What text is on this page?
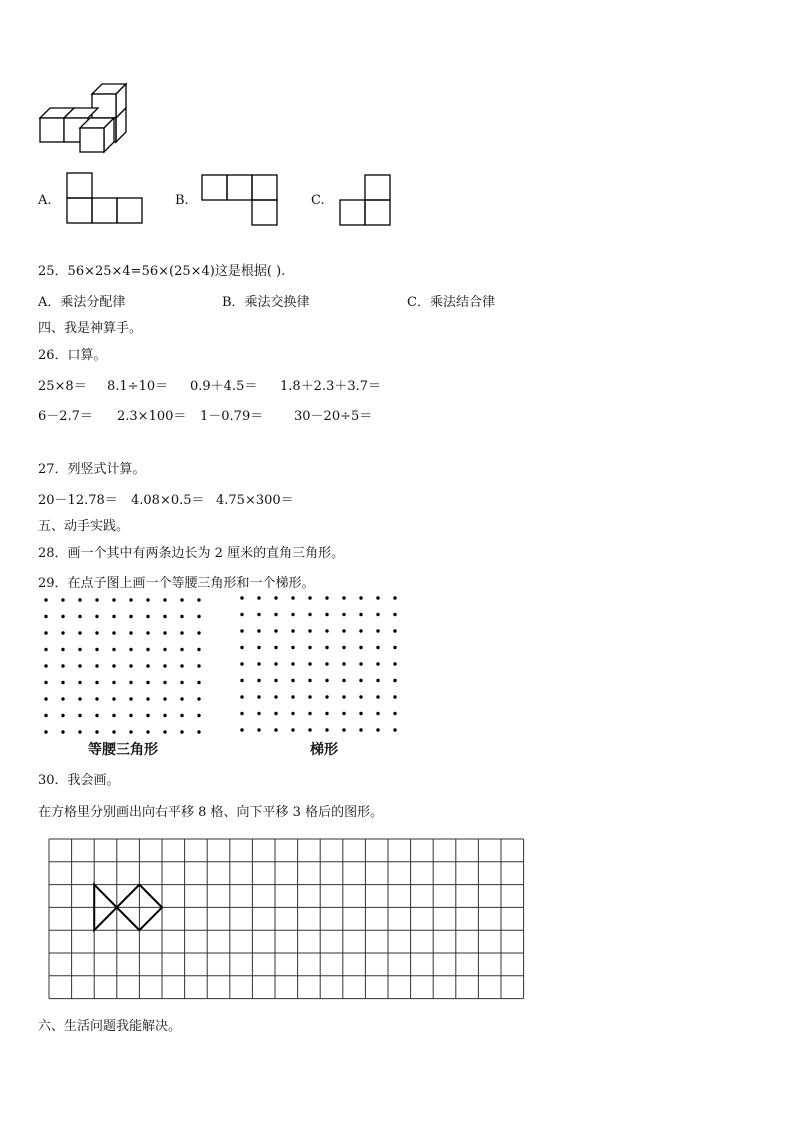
A.	B.	C.
25．56×25×4=56×(25×4)这是根据( ).
A．乘法分配律	B．乘法交换律	C．乘法结合律
四、我是神算手。
26．口算。
25×8＝ 8.1÷10＝ 0.9＋4.5＝ 1.8＋2.3＋3.7＝
6－2.7＝ 2.3×100＝ 1－0.79＝ 30－20÷5＝
27．列竖式计算。
20－12.78＝ 4.08×0.5＝ 4.75×300＝
五、动手实践。
28．画一个其中有两条边长为 2 厘米的直角三角形。
29．在点子图上画一个等腰三角形和一个梯形。
等腰三角形	梯形
30．我会画。
在方格里分别画出向右平移 8 格、向下平移 3 格后的图形。
六、生活问题我能解决。
